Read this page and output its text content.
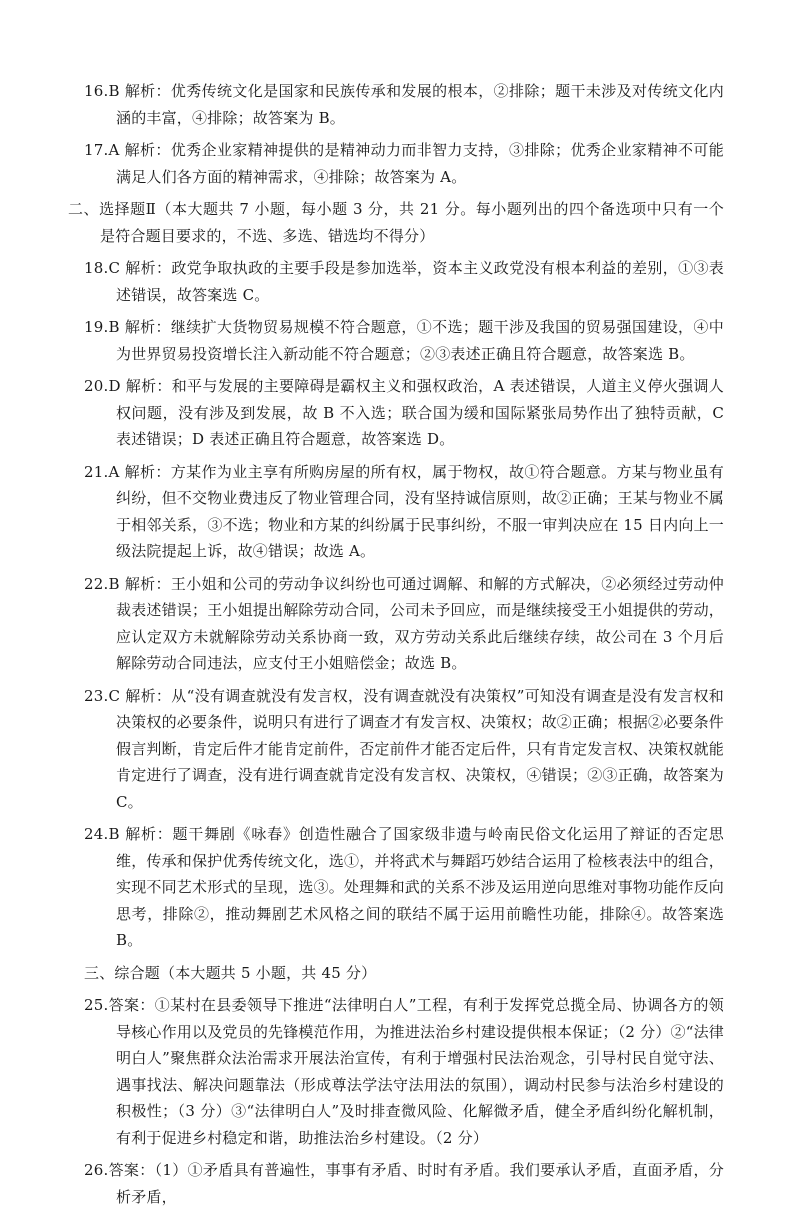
16.B 解析：优秀传统文化是国家和民族传承和发展的根本，②排除；题干未涉及对传统文化内涵的丰富，④排除；故答案为 B。

17.A 解析：优秀企业家精神提供的是精神动力而非智力支持，③排除；优秀企业家精神不可能满足人们各方面的精神需求，④排除；故答案为 A。

二、选择题Ⅱ（本大题共 7 小题，每小题 3 分，共 21 分。每小题列出的四个备选项中只有一个是符合题目要求的，不选、多选、错选均不得分）

18.C 解析：政党争取执政的主要手段是参加选举，资本主义政党没有根本利益的差别，①③表述错误，故答案选 C。

19.B 解析：继续扩大货物贸易规模不符合题意，①不选；题干涉及我国的贸易强国建设，④中为世界贸易投资增长注入新动能不符合题意；②③表述正确且符合题意，故答案选 B。

20.D 解析：和平与发展的主要障碍是霸权主义和强权政治，A 表述错误，人道主义停火强调人权问题，没有涉及到发展，故 B 不入选；联合国为缓和国际紧张局势作出了独特贡献，C 表述错误；D 表述正确且符合题意，故答案选 D。

21.A 解析：方某作为业主享有所购房屋的所有权，属于物权，故①符合题意。方某与物业虽有纠纷，但不交物业费违反了物业管理合同，没有坚持诚信原则，故②正确；王某与物业不属于相邻关系，③不选；物业和方某的纠纷属于民事纠纷，不服一审判决应在 15 日内向上一级法院提起上诉，故④错误；故选 A。

22.B 解析：王小姐和公司的劳动争议纠纷也可通过调解、和解的方式解决，②必须经过劳动仲裁表述错误；王小姐提出解除劳动合同，公司未予回应，而是继续接受王小姐提供的劳动，应认定双方未就解除劳动关系协商一致，双方劳动关系此后继续存续，故公司在 3 个月后解除劳动合同违法，应支付王小姐赔偿金；故选 B。

23.C 解析：从“没有调查就没有发言权，没有调查就没有决策权”可知没有调查是没有发言权和决策权的必要条件，说明只有进行了调查才有发言权、决策权；故②正确；根据②必要条件假言判断，肯定后件才能肯定前件，否定前件才能否定后件，只有肯定发言权、决策权就能肯定进行了调查，没有进行调查就肯定没有发言权、决策权，④错误；②③正确，故答案为 C。

24.B 解析：题干舞剧《咏春》创造性融合了国家级非遗与岭南民俗文化运用了辩证的否定思维，传承和保护优秀传统文化，选①，并将武术与舞蹈巧妙结合运用了检核表法中的组合，实现不同艺术形式的呈现，选③。处理舞和武的关系不涉及运用逆向思维对事物功能作反向思考，排除②，推动舞剧艺术风格之间的联结不属于运用前瞻性功能，排除④。故答案选 B。

三、综合题（本大题共 5 小题，共 45 分）

25.答案：①某村在县委领导下推进“法律明白人”工程，有利于发挥党总揽全局、协调各方的领导核心作用以及党员的先锋模范作用，为推进法治乡村建设提供根本保证；（2 分）②“法律明白人”聚焦群众法治需求开展法治宣传，有利于增强村民法治观念，引导村民自觉守法、遇事找法、解决问题靠法（形成尊法学法守法用法的氛围），调动村民参与法治乡村建设的积极性；（3 分）③“法律明白人”及时排查微风险、化解微矛盾，健全矛盾纠纷化解机制，有利于促进乡村稳定和谐，助推法治乡村建设。（2 分）

26.答案：（1）①矛盾具有普遍性，事事有矛盾、时时有矛盾。我们要承认矛盾，直面矛盾，分析矛盾，
